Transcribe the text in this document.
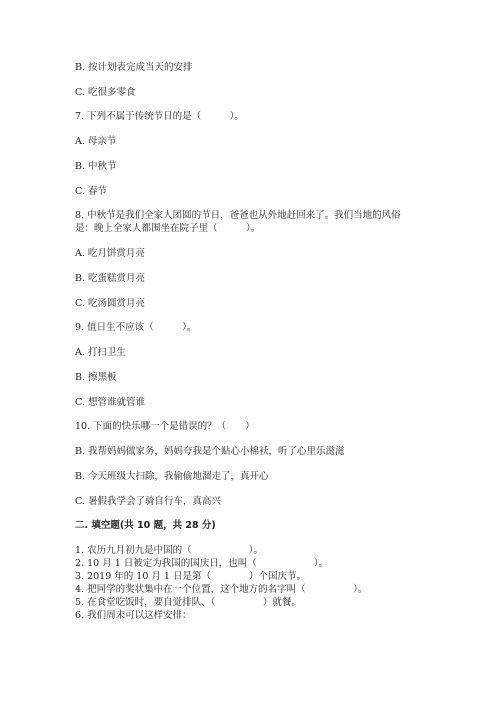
B. 按计划表完成当天的安排
C. 吃很多零食
7. 下列不属于传统节日的是（　　　）。
A. 母亲节
B. 中秋节
C. 春节
8. 中秋节是我们全家人团圆的节日，爸爸也从外地赶回来了。我们当地的风俗
是：晚上全家人都围坐在院子里（　　　）。
A. 吃月饼赏月亮
B. 吃蛋糕赏月亮
C. 吃汤圆赏月亮
9. 值日生不应该（　　　）。
A. 打扫卫生
B. 擦黑板
C. 想管谁就管谁
10. 下面的快乐哪一个是错误的？（　　）
B. 我帮妈妈做家务，妈妈夸我是个贴心小棉袄，听了心里乐滋滋
B. 今天班级大扫除，我偷偷地溜走了，真开心
C. 暑假我学会了骑自行车，真高兴
二. 填空题(共 10 题，共 28 分)
1. 农历九月初九是中国的（　　　　　　）。
2. 10 月 1 日被定为我国的国庆日，也叫（　　　　　　）。
3. 2019 年的 10 月 1 日是第（　　　　）个国庆节。
4. 把同学的奖状集中在一个位置，这个地方的名字叫（　　　　　）。
5. 在食堂吃饭时，要自觉排队、（　　　　　）就餐。
6. 我们周末可以这样安排：
